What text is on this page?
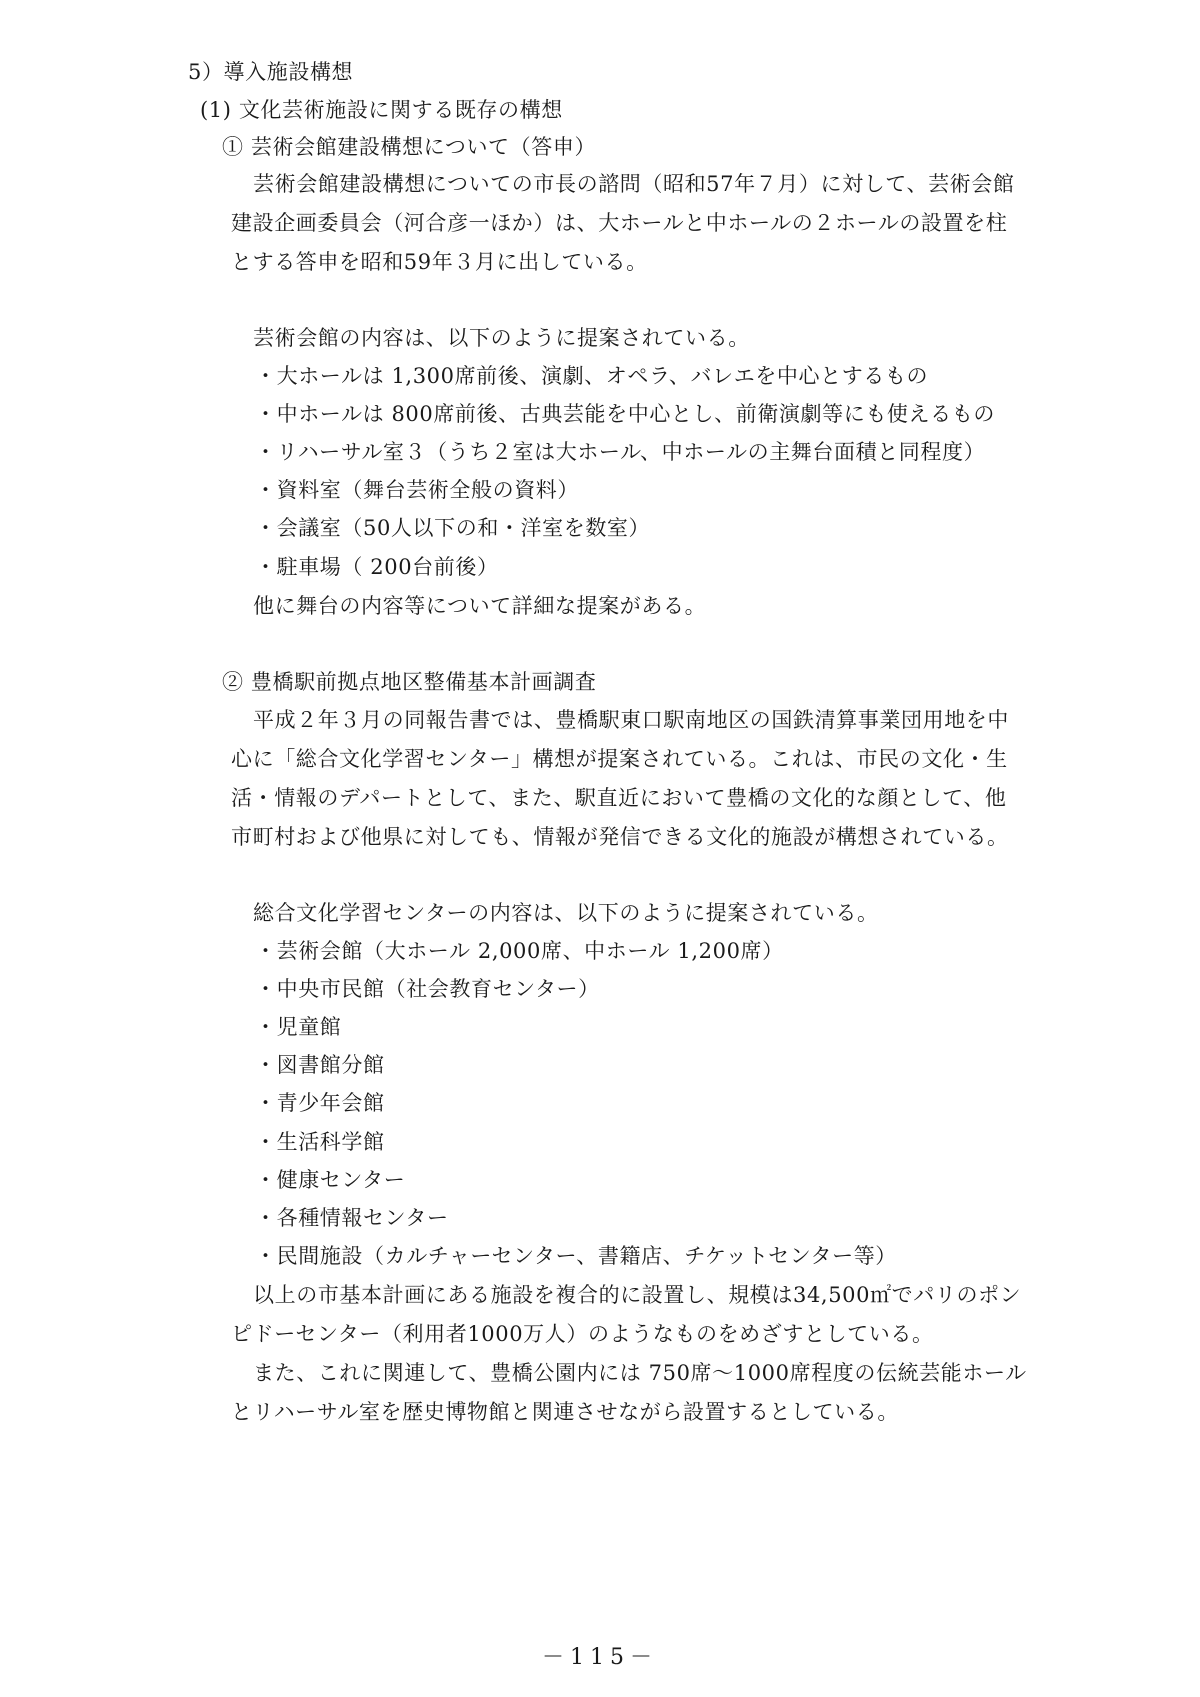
5）導入施設構想
(1) 文化芸術施設に関する既存の構想
① 芸術会館建設構想について（答申）
芸術会館建設構想についての市長の諮問（昭和57年７月）に対して、芸術会館
建設企画委員会（河合彦一ほか）は、大ホールと中ホールの２ホールの設置を柱
とする答申を昭和59年３月に出している。
芸術会館の内容は、以下のように提案されている。
・大ホールは 1,300席前後、演劇、オペラ、バレエを中心とするもの
・中ホールは 800席前後、古典芸能を中心とし、前衛演劇等にも使えるもの
・リハーサル室３（うち２室は大ホール、中ホールの主舞台面積と同程度）
・資料室（舞台芸術全般の資料）
・会議室（50人以下の和・洋室を数室）
・駐車場（ 200台前後）
他に舞台の内容等について詳細な提案がある。
② 豊橋駅前拠点地区整備基本計画調査
平成２年３月の同報告書では、豊橋駅東口駅南地区の国鉄清算事業団用地を中
心に「総合文化学習センター」構想が提案されている。これは、市民の文化・生
活・情報のデパートとして、また、駅直近において豊橋の文化的な顔として、他
市町村および他県に対しても、情報が発信できる文化的施設が構想されている。
総合文化学習センターの内容は、以下のように提案されている。
・芸術会館（大ホール 2,000席、中ホール 1,200席）
・中央市民館（社会教育センター）
・児童館
・図書館分館
・青少年会館
・生活科学館
・健康センター
・各種情報センター
・民間施設（カルチャーセンター、書籍店、チケットセンター等）
以上の市基本計画にある施設を複合的に設置し、規模は34,500㎡でパリのポン
ピドーセンター（利用者1000万人）のようなものをめざすとしている。
また、これに関連して、豊橋公園内には 750席～1000席程度の伝統芸能ホール
とリハーサル室を歴史博物館と関連させながら設置するとしている。
－115－
